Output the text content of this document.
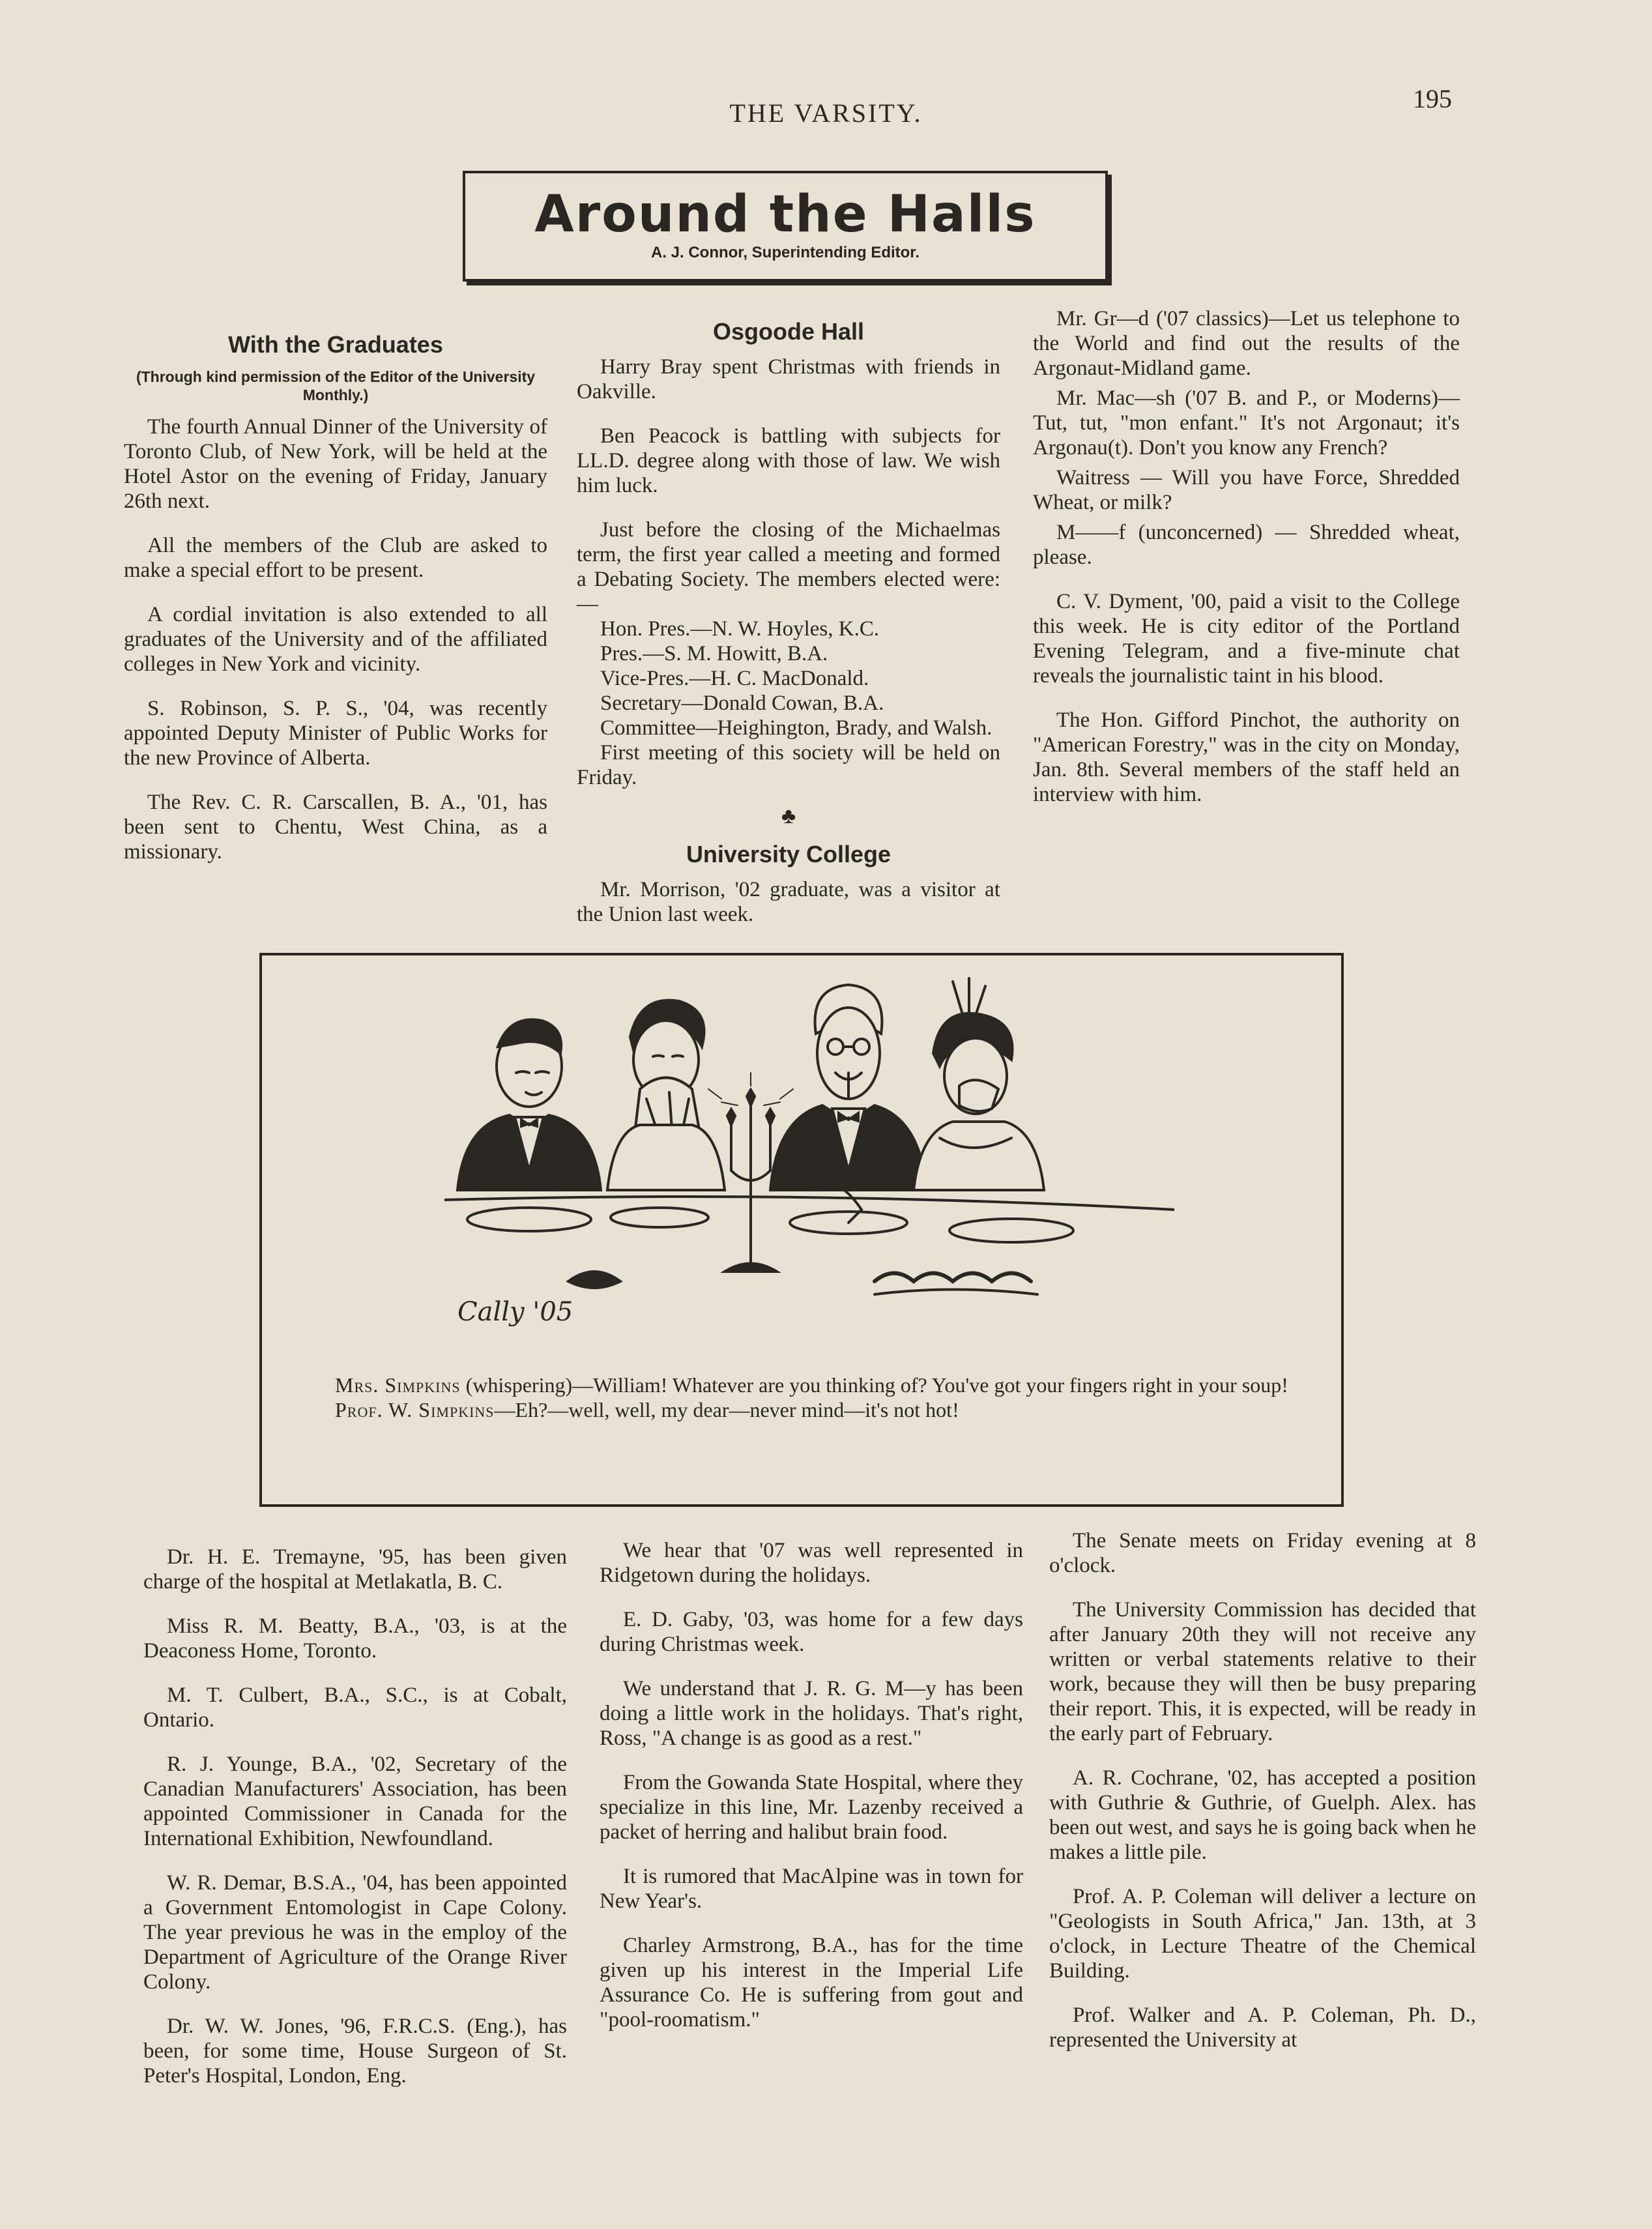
THE VARSITY.	195
Around the Halls
A. J. Connor, Superintending Editor.
With the Graduates
(Through kind permission of the Editor of the University Monthly.)

The fourth Annual Dinner of the University of Toronto Club, of New York, will be held at the Hotel Astor on the evening of Friday, January 26th next.

All the members of the Club are asked to make a special effort to be present.

A cordial invitation is also extended to all graduates of the University and of the affiliated colleges in New York and vicinity.

S. Robinson, S. P. S., '04, was recently appointed Deputy Minister of Public Works for the new Province of Alberta.

The Rev. C. R. Carscallen, B. A., '01, has been sent to Chentu, West China, as a missionary.

Osgoode Hall

Harry Bray spent Christmas with friends in Oakville.

Ben Peacock is battling with subjects for LL.D. degree along with those of law. We wish him luck.

Just before the closing of the Michaelmas term, the first year called a meeting and formed a Debating Society. The members elected were: —

Hon. Pres.—N. W. Hoyles, K.C.
Pres.—S. M. Howitt, B.A.
Vice-Pres.—H. C. MacDonald.
Secretary—Donald Cowan, B.A.
Committee—Heighington, Brady, and Walsh.

First meeting of this society will be held on Friday.

♣
University College

Mr. Morrison, '02 graduate, was a visitor at the Union last week.

Mr. Gr—d ('07 classics)—Let us telephone to the World and find out the results of the Argonaut-Midland game.

Mr. Mac—sh ('07 B. and P., or Moderns)—Tut, tut, "mon enfant." It's not Argonaut; it's Argonau(t). Don't you know any French?

Waitress — Will you have Force, Shredded Wheat, or milk?

M——f (unconcerned) — Shredded wheat, please.

C. V. Dyment, '00, paid a visit to the College this week. He is city editor of the Portland Evening Telegram, and a five-minute chat reveals the journalistic taint in his blood.

The Hon. Gifford Pinchot, the authority on "American Forestry," was in the city on Monday, Jan. 8th. Several members of the staff held an interview with him.

Cally '05

Mrs. Simpkins (whispering)—William! Whatever are you thinking of? You've got your fingers right in your soup!

Prof. W. Simpkins—Eh?—well, well, my dear—never mind—it's not hot!

Dr. H. E. Tremayne, '95, has been given charge of the hospital at Metlakatla, B. C.

Miss R. M. Beatty, B.A., '03, is at the Deaconess Home, Toronto.

M. T. Culbert, B.A., S.C., is at Cobalt, Ontario.

R. J. Younge, B.A., '02, Secretary of the Canadian Manufacturers' Association, has been appointed Commissioner in Canada for the International Exhibition, Newfoundland.

W. R. Demar, B.S.A., '04, has been appointed a Government Entomologist in Cape Colony. The year previous he was in the employ of the Department of Agriculture of the Orange River Colony.

Dr. W. W. Jones, '96, F.R.C.S. (Eng.), has been, for some time, House Surgeon of St. Peter's Hospital, London, Eng.

We hear that '07 was well represented in Ridgetown during the holidays.

E. D. Gaby, '03, was home for a few days during Christmas week.

We understand that J. R. G. M—y has been doing a little work in the holidays. That's right, Ross, "A change is as good as a rest."

From the Gowanda State Hospital, where they specialize in this line, Mr. Lazenby received a packet of herring and halibut brain food.

It is rumored that MacAlpine was in town for New Year's.

Charley Armstrong, B.A., has for the time given up his interest in the Imperial Life Assurance Co. He is suffering from gout and "pool-roomatism."

The Senate meets on Friday evening at 8 o'clock.

The University Commission has decided that after January 20th they will not receive any written or verbal statements relative to their work, because they will then be busy preparing their report. This, it is expected, will be ready in the early part of February.

A. R. Cochrane, '02, has accepted a position with Guthrie & Guthrie, of Guelph. Alex. has been out west, and says he is going back when he makes a little pile.

Prof. A. P. Coleman will deliver a lecture on "Geologists in South Africa," Jan. 13th, at 3 o'clock, in Lecture Theatre of the Chemical Building.

Prof. Walker and A. P. Coleman, Ph. D., represented the University at
